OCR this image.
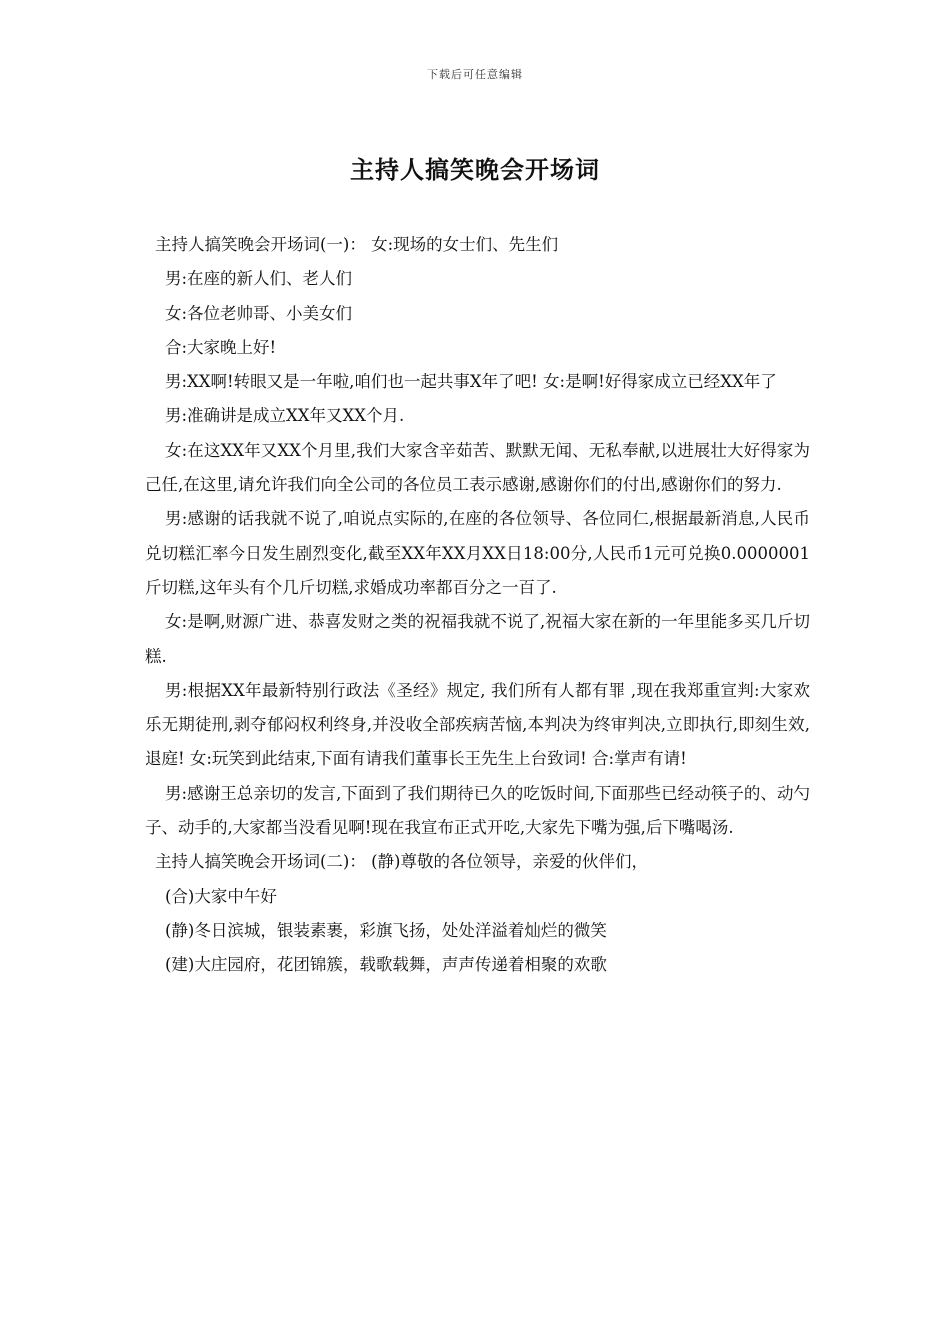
下载后可任意编辑
主持人搞笑晚会开场词

主持人搞笑晚会开场词(一)： 女:现场的女士们、先生们

男:在座的新人们、老人们

女:各位老帅哥、小美女们

合:大家晚上好!

男:XX啊!转眼又是一年啦,咱们也一起共事X年了吧! 女:是啊!好得家成立已经XX年了

男:准确讲是成立XX年又XX个月.

女:在这XX年又XX个月里,我们大家含辛茹苦、默默无闻、无私奉献,以进展壮大好得家为己任,在这里,请允许我们向全公司的各位员工表示感谢,感谢你们的付出,感谢你们的努力.

男:感谢的话我就不说了,咱说点实际的,在座的各位领导、各位同仁,根据最新消息,人民币兑切糕汇率今日发生剧烈变化,截至XX年XX月XX日18:00分,人民币1元可兑换0.0000001斤切糕,这年头有个几斤切糕,求婚成功率都百分之一百了.

女:是啊,财源广进、恭喜发财之类的祝福我就不说了,祝福大家在新的一年里能多买几斤切糕.

男:根据XX年最新特别行政法《圣经》规定, 我们所有人都有罪 ,现在我郑重宣判:大家欢乐无期徒刑,剥夺郁闷权利终身,并没收全部疾病苦恼,本判决为终审判决,立即执行,即刻生效,退庭! 女:玩笑到此结束,下面有请我们董事长王先生上台致词! 合:掌声有请!

男:感谢王总亲切的发言,下面到了我们期待已久的吃饭时间,下面那些已经动筷子的、动勺子、动手的,大家都当没看见啊!现在我宣布正式开吃,大家先下嘴为强,后下嘴喝汤.

主持人搞笑晚会开场词(二)： (静)尊敬的各位领导，亲爱的伙伴们，

(合)大家中午好

(静)冬日滨城，银装素裹，彩旗飞扬，处处洋溢着灿烂的微笑

(建)大庄园府，花团锦簇，载歌载舞，声声传递着相聚的欢歌
